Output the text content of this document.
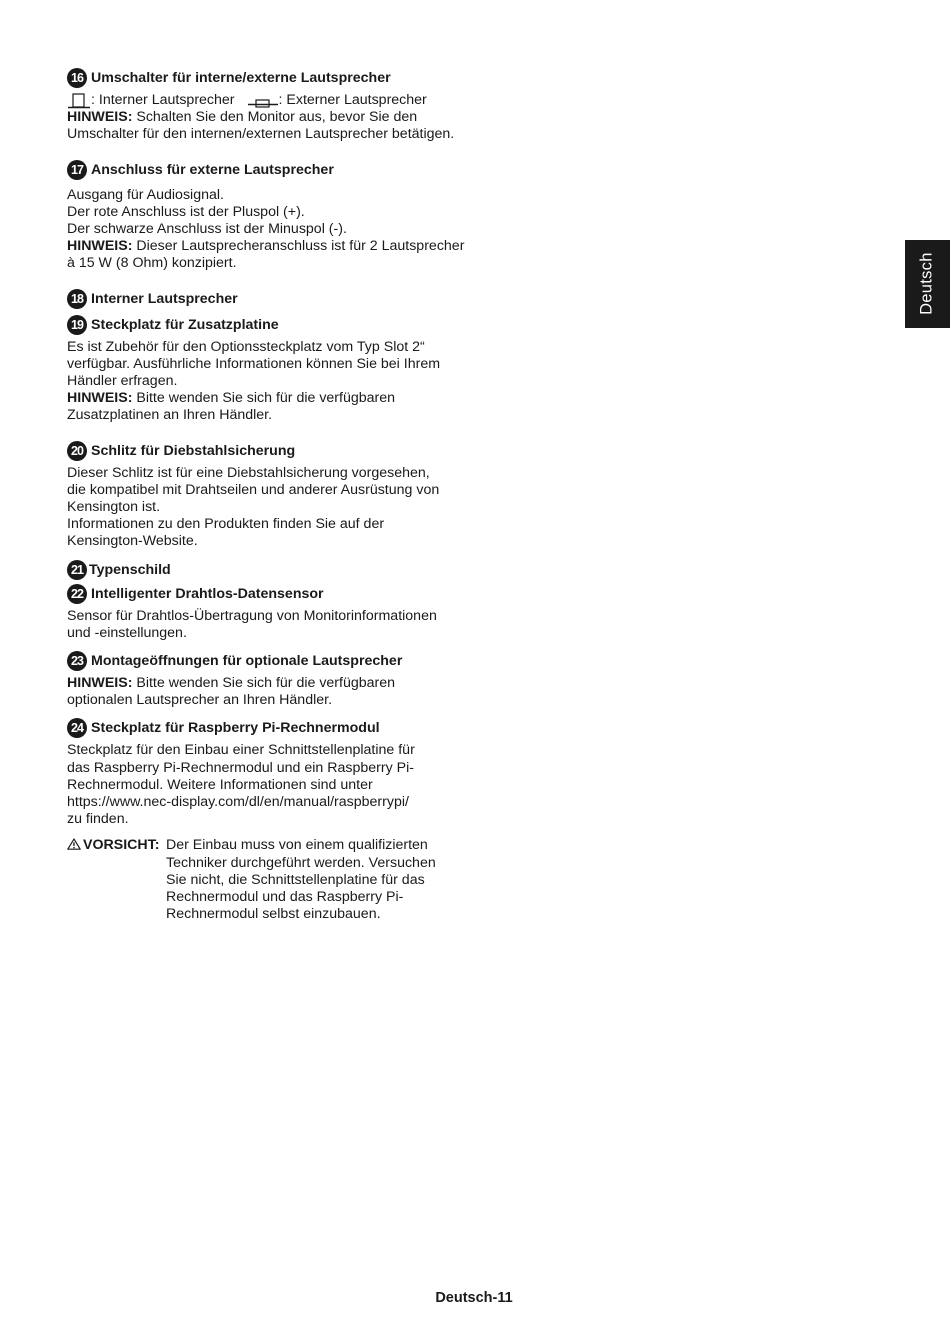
16 Umschalter für interne/externe Lautsprecher
: Interner Lautsprecher	: Externer Lautsprecher
HINWEIS: Schalten Sie den Monitor aus, bevor Sie den
Umschalter für den internen/externen Lautsprecher betätigen.
17 Anschluss für externe Lautsprecher
Ausgang für Audiosignal.
Der rote Anschluss ist der Pluspol (+).
Der schwarze Anschluss ist der Minuspol (-).
HINWEIS: Dieser Lautsprecheranschluss ist für 2 Lautsprecher
à 15 W (8 Ohm) konzipiert.
18 Interner Lautsprecher
19 Steckplatz für Zusatzplatine
Es ist Zubehör für den Optionssteckplatz vom Typ Slot 2“
verfügbar. Ausführliche Informationen können Sie bei Ihrem
Händler erfragen.
HINWEIS: Bitte wenden Sie sich für die verfügbaren
Zusatzplatinen an Ihren Händler.
20 Schlitz für Diebstahlsicherung
Dieser Schlitz ist für eine Diebstahlsicherung vorgesehen,
die kompatibel mit Drahtseilen und anderer Ausrüstung von
Kensington ist.
Informationen zu den Produkten finden Sie auf der
Kensington-Website.
21 Typenschild
22 Intelligenter Drahtlos-Datensensor
Sensor für Drahtlos-Übertragung von Monitorinformationen
und -einstellungen.
23 Montageöffnungen für optionale Lautsprecher
HINWEIS: Bitte wenden Sie sich für die verfügbaren
optionalen Lautsprecher an Ihren Händler.
24 Steckplatz für Raspberry Pi-Rechnermodul
Steckplatz für den Einbau einer Schnittstellenplatine für
das Raspberry Pi-Rechnermodul und ein Raspberry Pi-
Rechnermodul. Weitere Informationen sind unter
https://www.nec-display.com/dl/en/manual/raspberrypi/
zu finden.
VORSICHT: Der Einbau muss von einem qualifizierten
Techniker durchgeführt werden. Versuchen
Sie nicht, die Schnittstellenplatine für das
Rechnermodul und das Raspberry Pi-
Rechnermodul selbst einzubauen.
Deutsch
Deutsch-11
